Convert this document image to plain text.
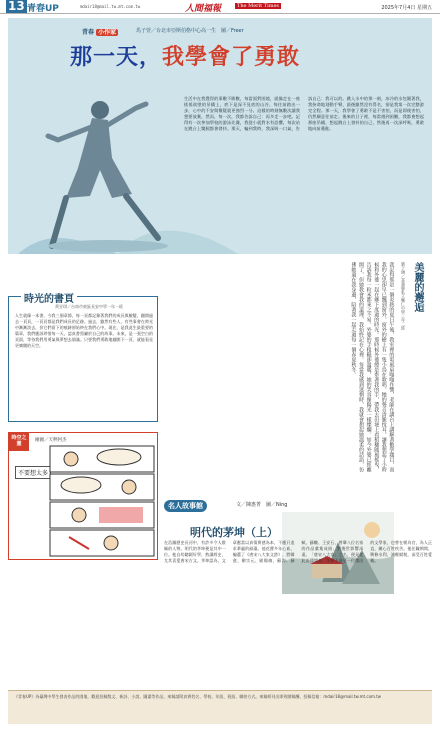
13 青春UP	mdair18@mail.tw.mt.com.tw	人間福報	The Merit Times	2025年7月4日 星期五
青春 小作家	馬子萱／台北市亞斯伯格中心高一生　圖／Freer
那一天，我學會了勇敢
生活中在我覺得的事數不勝數，每當面對困境，就像走在一座搖搖欲墜的吊橋上，底下是深不見底的山谷。每往前踏出一步，心中的不安與懷疑就更強烈一分。這樣的時刻無數次讓我想要放棄，然而，每一次，我都告訴自己：再多走一步吧。記得有一次參加學校的游泳比賽，我從小就對水有恐懼，每次站在跳台上雙腿都會發抖。那天，輪到我時，我深吸一口氣，告訴自己：我可以的。跳入水中的那一刻，冰冷的水包圍著我，我拚命地划動手臂，最後雖然沒有得名，卻是我第一次完整游完全程。那一天，我學會了勇敢不是不害怕，而是即使害怕，仍然願意往前走。後來的日子裡，每當遇到困難，我都會想起那座吊橋，想起跳台上發抖的自己，然後再一次深呼吸，勇敢地向前邁進。
時光的書頁
黃昱琪／台南市東區長安中學一年一班
人生就像一本書，今我三個章節，每一頁都記錄著我們的成長與蛻變，翻開過去一頁頁，一頁頁都是我們成長的足跡。過去，雖然有些人、有些事會在時光中漸漸淡去，但它們留下的痕跡卻始終在我們心中。現在，是我此生最重要的篇章，我們應該珍惜每一天，認真書寫屬於自己的故事。未來，是一張空白的頁面，等待我們用勇氣與夢想去填滿。只要我們勇敢地翻開下一頁，就能看見更廣闊的天空。
時空之畫
繪圖／天秤阿杰
不要想太多
我記得那是一個炎熱的夏日午後，教室裡的電風扇嗡嗡作響，老師在講台上講解著數學題目，而
我的心思卻早已飄到窗外。窗外的樹上有一隻小鳥在歌唱，牠的聲音清脆悅耳，讓我想起了小時
候和外婆一起在鄉下度過的時光。那時候外婆總是牽著我的手，帶我去田埂上看稻穗隨風搖曳，
告訴我每一粒米都來之不易。外婆的手粗糙卻溫暖，她的笑容像陽光一樣燦爛。如今外婆已經離
開了，但她教會我的道理，我始終記在心裡。每當我感到迷惘時，我就會想起她溫柔的話語，彷
彿她還在我身邊，陪著我一起走過每一個春夏秋冬。	美麗的邂逅
劉子涵／嘉義縣私立輔仁中學三年二班
名人故事館	文／陳惠菁　圖／Ning
明代的茅坤（上）
在浩瀚歷史長河中，有許多令人敬佩的人物。明代的茅坤便是其中一位。他自幼聰穎好學，熟讀經史，尤其喜愛唐宋古文。茅坤認為，文章應當以真情實感為本，不應只追求華麗的辭藻。他花費多年心血，編選了《唐宋八大家文鈔》，將韓愈、柳宗元、歐陽脩、蘇洵、蘇軾、蘇轍、王安石、曾鞏八位名家的作品彙集成冊，對後世影響深遠。「唐宋八大家」之名，便是從此流傳開來。茅坤不僅是一位傑出的文學家，也曾在朝為官，為人正直，關心百姓疾苦。他任職期間，興修水利，減輕賦稅，深受百姓愛戴。
《青春UP》為臺灣中學生發表作品的園地，歡迎投稿散文、新詩、小說、圖畫等作品。來稿請附真實姓名、學校、年級、班級、聯絡方式。來稿經刊出即致贈稿酬。投稿信箱：mdair18@mail.tw.mt.com.tw
